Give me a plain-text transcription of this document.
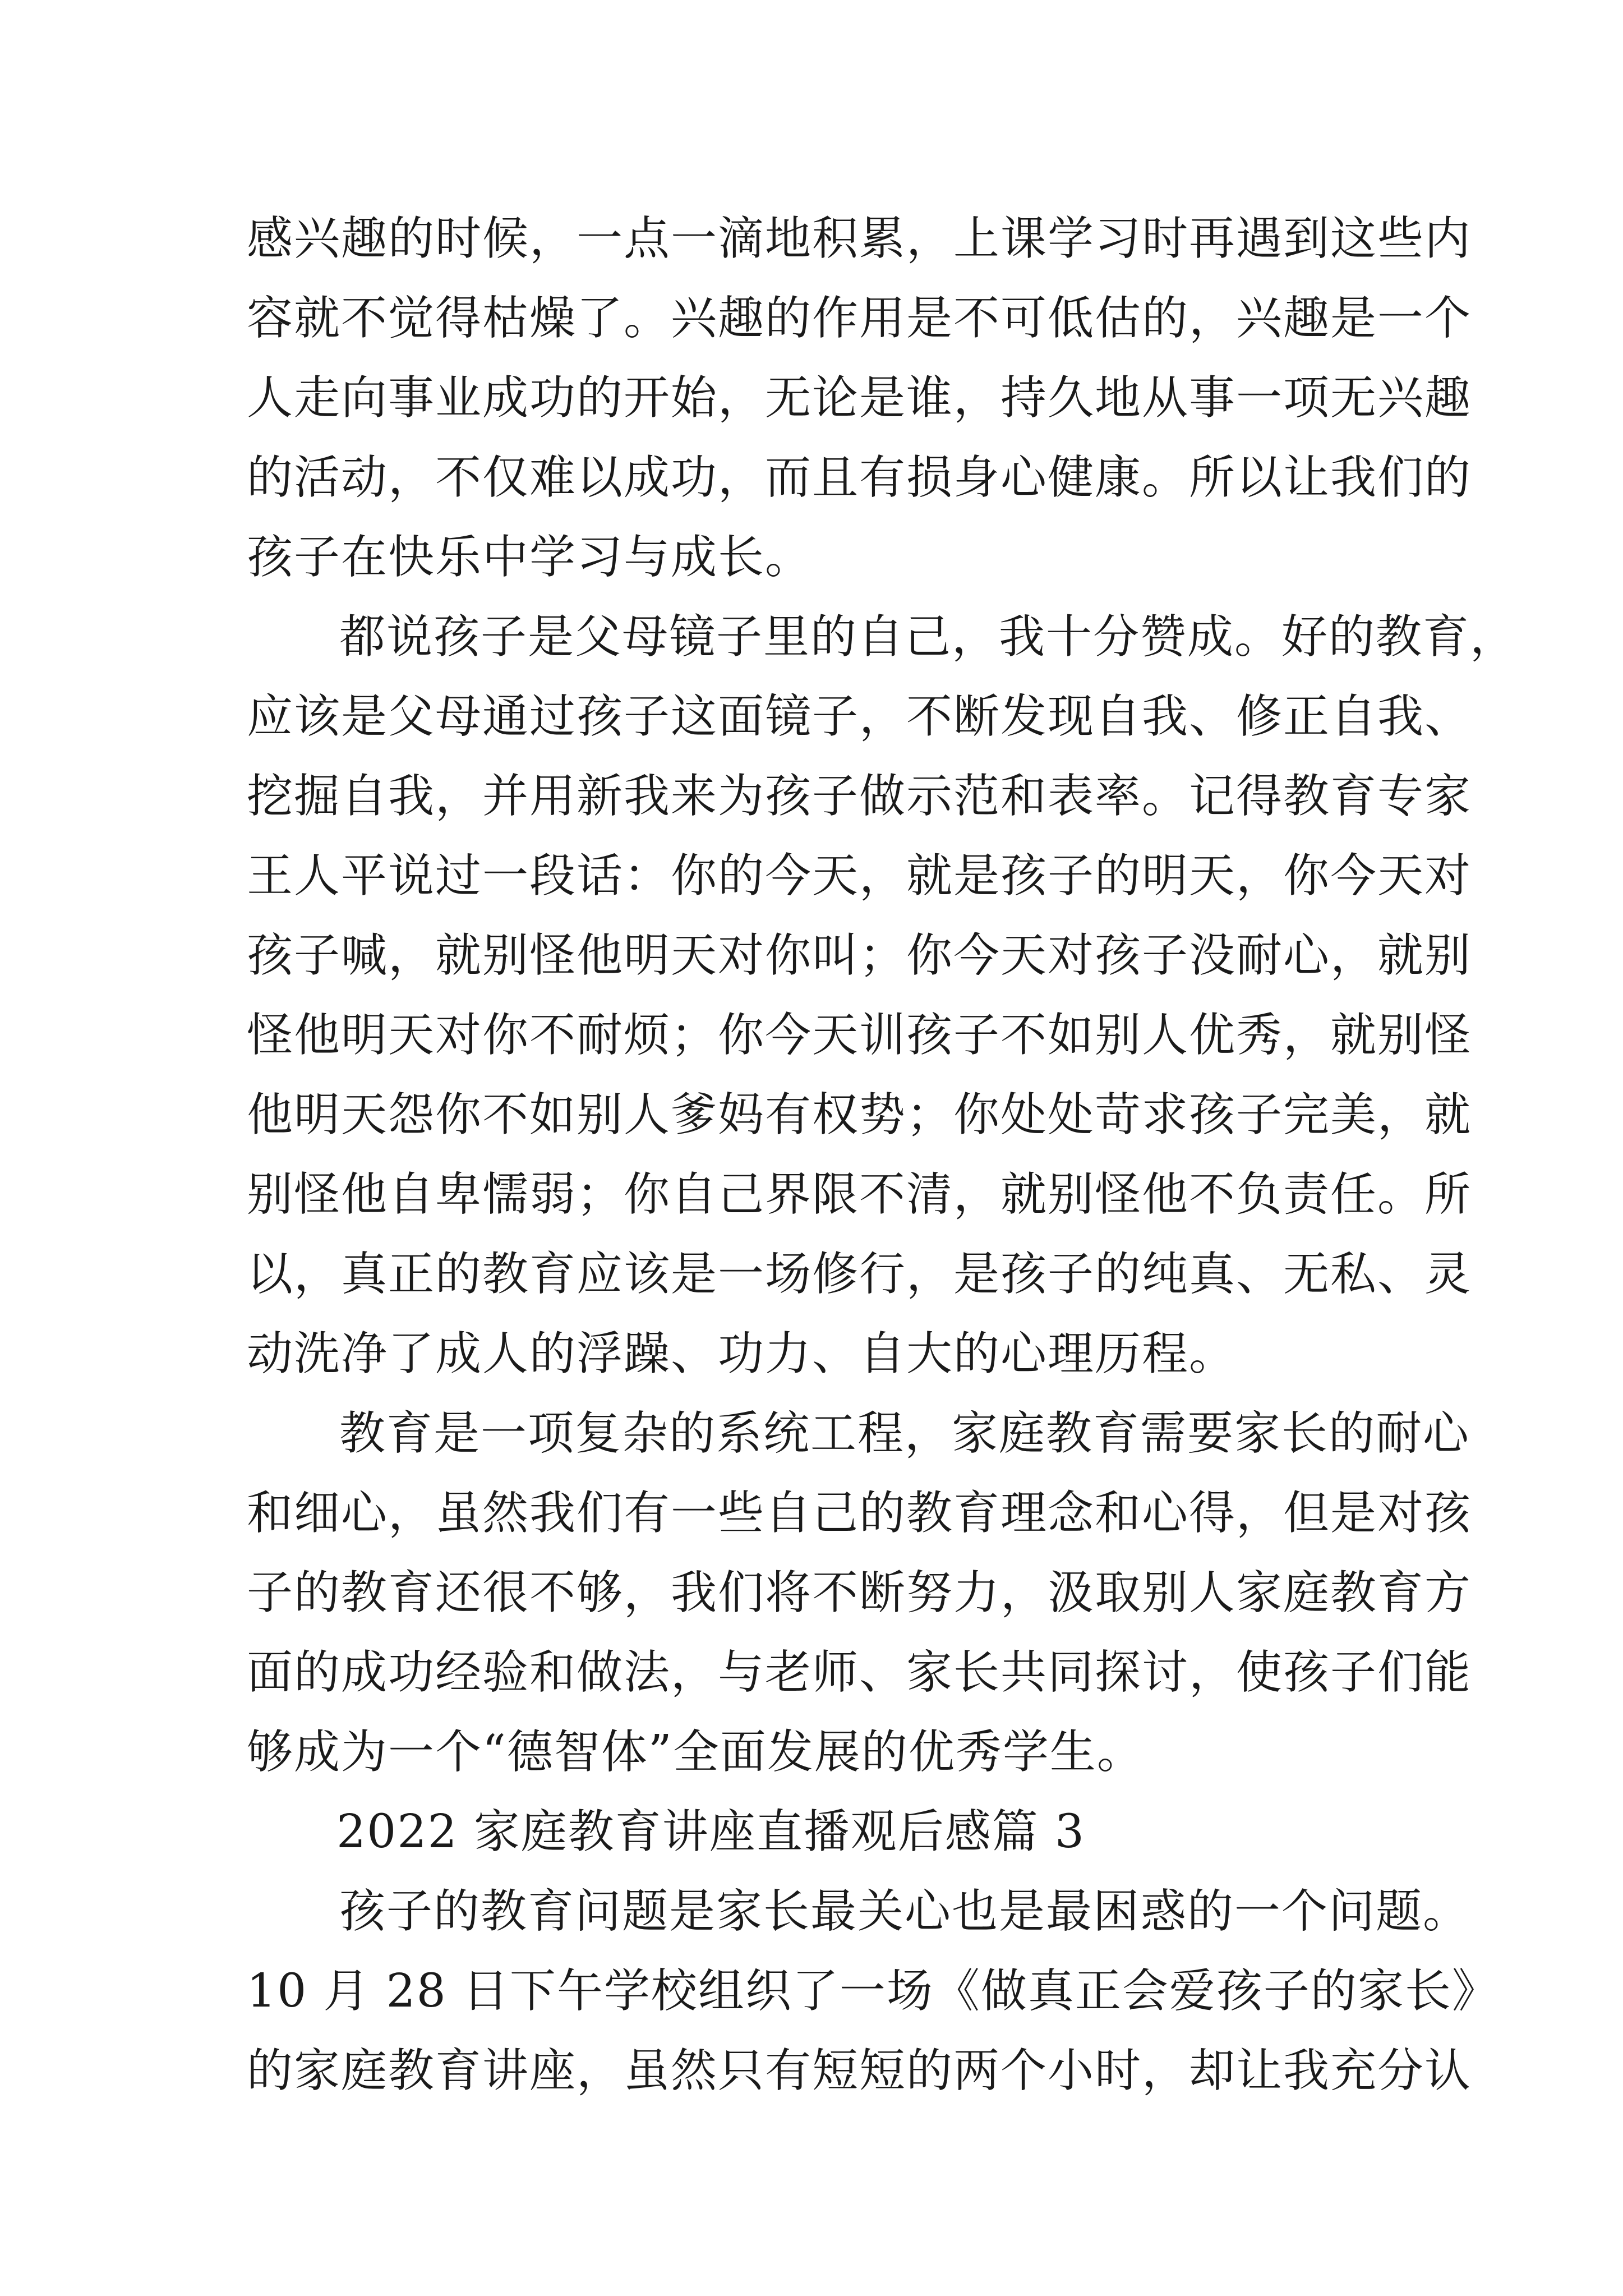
感兴趣的时候，一点一滴地积累，上课学习时再遇到这些内
容就不觉得枯燥了。兴趣的作用是不可低估的，兴趣是一个
人走向事业成功的开始，无论是谁，持久地从事一项无兴趣
的活动，不仅难以成功，而且有损身心健康。所以让我们的
孩子在快乐中学习与成长。
都说孩子是父母镜子里的自己，我十分赞成。好的教育，
应该是父母通过孩子这面镜子，不断发现自我、修正自我、
挖掘自我，并用新我来为孩子做示范和表率。记得教育专家
王人平说过一段话：你的今天，就是孩子的明天，你今天对
孩子喊，就别怪他明天对你叫；你今天对孩子没耐心，就别
怪他明天对你不耐烦；你今天训孩子不如别人优秀，就别怪
他明天怨你不如别人爹妈有权势；你处处苛求孩子完美，就
别怪他自卑懦弱；你自己界限不清，就别怪他不负责任。所
以，真正的教育应该是一场修行，是孩子的纯真、无私、灵
动洗净了成人的浮躁、功力、自大的心理历程。
教育是一项复杂的系统工程，家庭教育需要家长的耐心
和细心，虽然我们有一些自己的教育理念和心得，但是对孩
子的教育还很不够，我们将不断努力，汲取别人家庭教育方
面的成功经验和做法，与老师、家长共同探讨，使孩子们能
够成为一个“德智体”全面发展的优秀学生。
2022 家庭教育讲座直播观后感篇 3
孩子的教育问题是家长最关心也是最困惑的一个问题。
10 月 28 日下午学校组织了一场《做真正会爱孩子的家长》
的家庭教育讲座，虽然只有短短的两个小时，却让我充分认
